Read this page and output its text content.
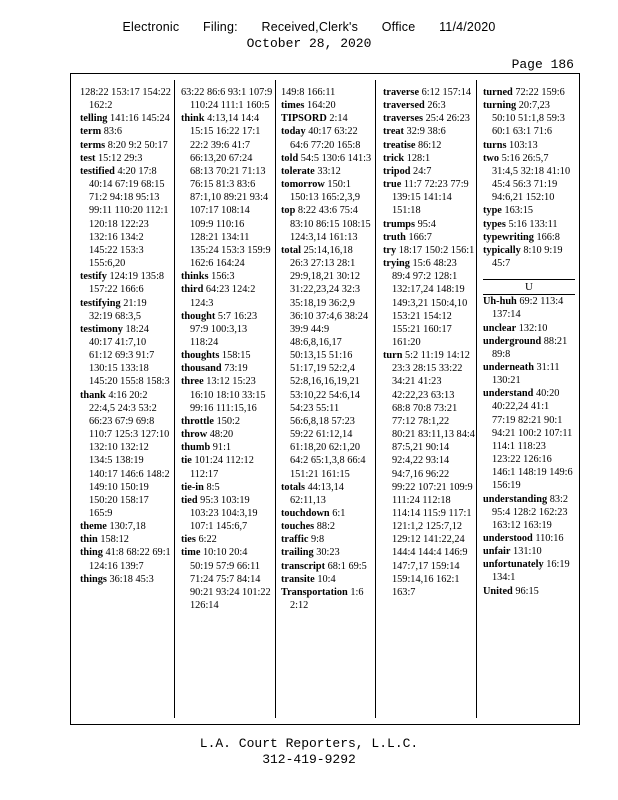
Electronic Filing: Received,Clerk's Office 11/4/2020
October 28, 2020
Page 186
128:22 153:17 154:22 162:2
telling 141:16 145:24
term 83:6
terms 8:20 9:2 50:17
test 15:12 29:3
testified 4:20 17:8 40:14 67:19 68:15 71:2 94:18 95:13 99:11 110:20 112:1 120:18 122:23 132:16 134:2 145:22 153:3 155:6,20
testify 124:19 135:8 157:22 166:6
testifying 21:19 32:19 68:3,5
testimony 18:24 40:17 41:7,10 61:12 69:3 91:7 130:15 133:18 145:20 155:8 158:3
thank 4:16 20:2 22:4,5 24:3 53:2 66:23 67:9 69:8 110:7 125:3 127:10 132:10 132:12 134:5 138:19 140:17 146:6 148:2 149:10 150:19 150:20 158:17 165:9
theme 130:7,18
thin 158:12
thing 41:8 68:22 69:1 124:16 139:7
things 36:18 45:3
63:22 86:6 93:1 107:9 110:24 111:1 160:5
think 4:13,14 14:4 15:15 16:22 17:1 22:2 39:6 41:7 66:13,20 67:24 68:13 70:21 71:13 76:15 81:3 83:6 87:1,10 89:21 93:4 107:17 108:14 109:9 110:16 128:21 134:11 135:24 153:3 159:9 162:6 164:24
thinks 156:3
third 64:23 124:2 124:3
thought 5:7 16:23 97:9 100:3,13 118:24
thoughts 158:15
thousand 73:19
three 13:12 15:23 16:10 18:10 33:15 99:16 111:15,16
throttle 150:2
throw 48:20
thumb 91:1
tie 101:24 112:12 112:17
tie-in 8:5
tied 95:3 103:19 103:23 104:3,19 107:1 145:6,7
ties 6:22
time 10:10 20:4 50:19 57:9 66:11 71:24 75:7 84:14 90:21 93:24 101:22 126:14
149:8 166:11
times 164:20
TIPSORD 2:14
today 40:17 63:22 64:6 77:20 165:8
told 54:5 130:6 141:3
tolerate 33:12
tomorrow 150:1 150:13 165:2,3,9
top 8:22 43:6 75:4 83:10 86:15 108:15 124:3,14 161:13
total 25:14,16,18 26:3 27:13 28:1 29:9,18,21 30:12 31:22,23,24 32:3 35:18,19 36:2,9 36:10 37:4,6 38:24 39:9 44:9 48:6,8,16,17 50:13,15 51:16 51:17,19 52:2,4 52:8,16,16,19,21 53:10,22 54:6,14 54:23 55:11 56:6,8,18 57:23 59:22 61:12,14 61:18,20 62:1,20 64:2 65:1,3,8 66:4 151:21 161:15
totals 44:13,14 62:11,13
touchdown 6:1
touches 88:2
traffic 9:8
trailing 30:23
transcript 68:1 69:5
transite 10:4
Transportation 1:6 2:12
traverse 6:12 157:14
traversed 26:3
traverses 25:4 26:23
treat 32:9 38:6
treatise 86:12
trick 128:1
tripod 24:7
true 11:7 72:23 77:9 139:15 141:14 151:18
trumps 95:4
truth 166:7
try 18:17 150:2 156:1
trying 15:6 48:23 89:4 97:2 128:1 132:17,24 148:19 149:3,21 150:4,10 153:21 154:12 155:21 160:17 161:20
turn 5:2 11:19 14:12 23:3 28:15 33:22 34:21 41:23 42:22,23 63:13 68:8 70:8 73:21 77:12 78:1,22 80:21 83:11,13 84:4 87:5,21 90:14 92:4,22 93:14 94:7,16 96:22 99:22 107:21 109:9 111:24 112:18 114:14 115:9 117:1 121:1,2 125:7,12 129:12 141:22,24 144:4 144:4 146:9 147:7,17 159:14 159:14,16 162:1 163:7
turned 72:22 159:6
turning 20:7,23 50:10 51:1,8 59:3 60:1 63:1 71:6
turns 103:13
two 5:16 26:5,7 31:4,5 32:18 41:10 45:4 56:3 71:19 94:6,21 152:10
type 163:15
types 5:16 133:11
typewriting 166:8
typically 8:10 9:19 45:7
U
Uh-huh 69:2 113:4 137:14
unclear 132:10
underground 88:21 89:8
underneath 31:11 130:21
understand 40:20 40:22,24 41:1 77:19 82:21 90:1 94:21 100:2 107:11 114:1 118:23 123:22 126:16 146:1 148:19 149:6 156:19
understanding 83:2 95:4 128:2 162:23 163:12 163:19
understood 110:16
unfair 131:10
unfortunately 16:19 134:1
United 96:15
L.A. Court Reporters, L.L.C.
312-419-9292
